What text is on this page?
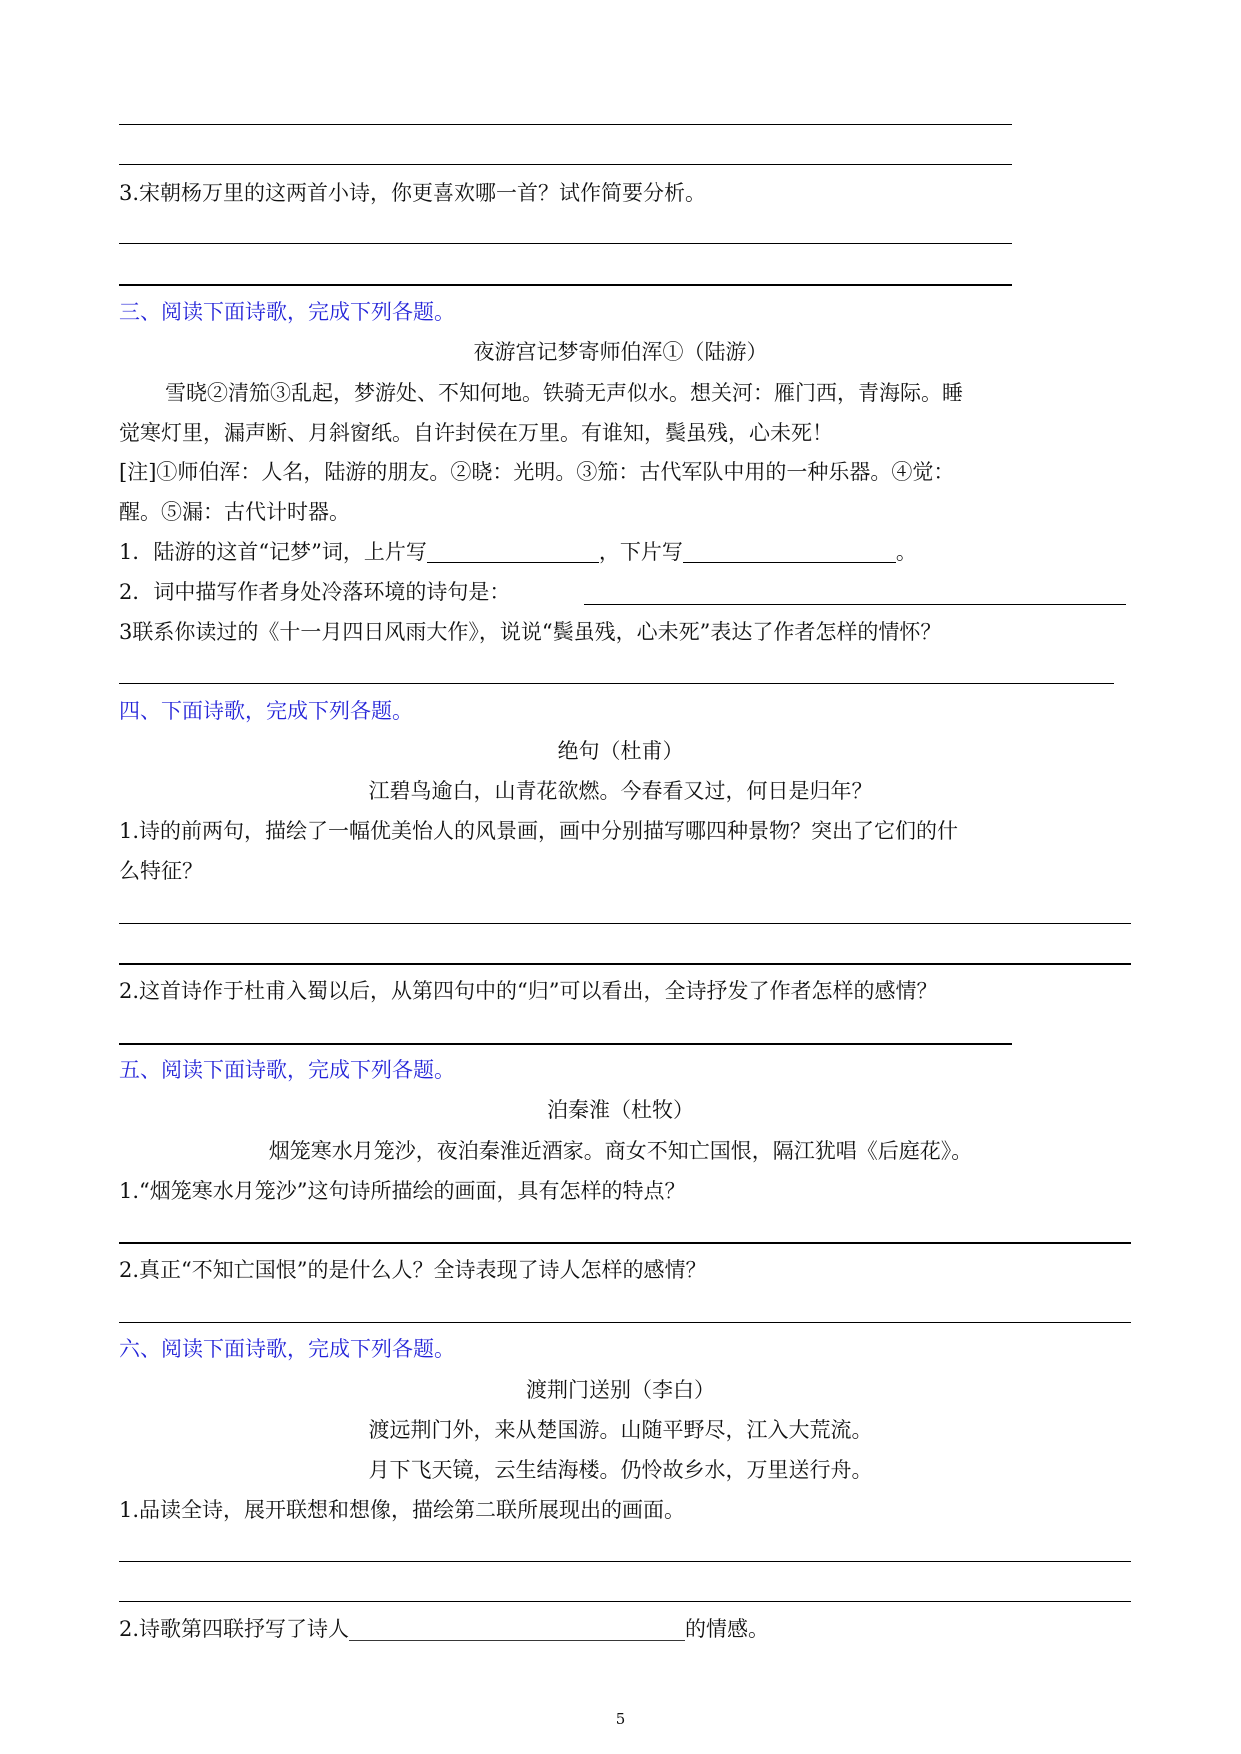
3.宋朝杨万里的这两首小诗，你更喜欢哪一首？试作简要分析。
三、阅读下面诗歌，完成下列各题。
夜游宫记梦寄师伯浑①（陆游）
雪晓②清笳③乱起，梦游处、不知何地。铁骑无声似水。想关河：雁门西，青海际。睡
觉寒灯里，漏声断、月斜窗纸。自许封侯在万里。有谁知，鬓虽残，心未死！
[注]①师伯浑：人名，陆游的朋友。②晓：光明。③笳：古代军队中用的一种乐器。④觉：
醒。⑤漏：古代计时器。
1．陆游的这首“记梦”词，上片写	，下片写	。
2．词中描写作者身处冷落环境的诗句是：
3联系你读过的《十一月四日风雨大作》，说说“鬓虽残，心未死”表达了作者怎样的情怀？
四、下面诗歌，完成下列各题。
绝句（杜甫）
江碧鸟逾白，山青花欲燃。今春看又过，何日是归年？
1.诗的前两句，描绘了一幅优美怡人的风景画，画中分别描写哪四种景物？突出了它们的什
么特征？
2.这首诗作于杜甫入蜀以后，从第四句中的“归”可以看出，全诗抒发了作者怎样的感情？
五、阅读下面诗歌，完成下列各题。
泊秦淮（杜牧）
烟笼寒水月笼沙，夜泊秦淮近酒家。商女不知亡国恨，隔江犹唱《后庭花》。
1.“烟笼寒水月笼沙”这句诗所描绘的画面，具有怎样的特点？
2.真正“不知亡国恨”的是什么人？全诗表现了诗人怎样的感情？
六、阅读下面诗歌，完成下列各题。
渡荆门送别（李白）
渡远荆门外，来从楚国游。山随平野尽，江入大荒流。
月下飞天镜，云生结海楼。仍怜故乡水，万里送行舟。
1.品读全诗，展开联想和想像，描绘第二联所展现出的画面。
2.诗歌第四联抒写了诗人________________________________的情感。
5
